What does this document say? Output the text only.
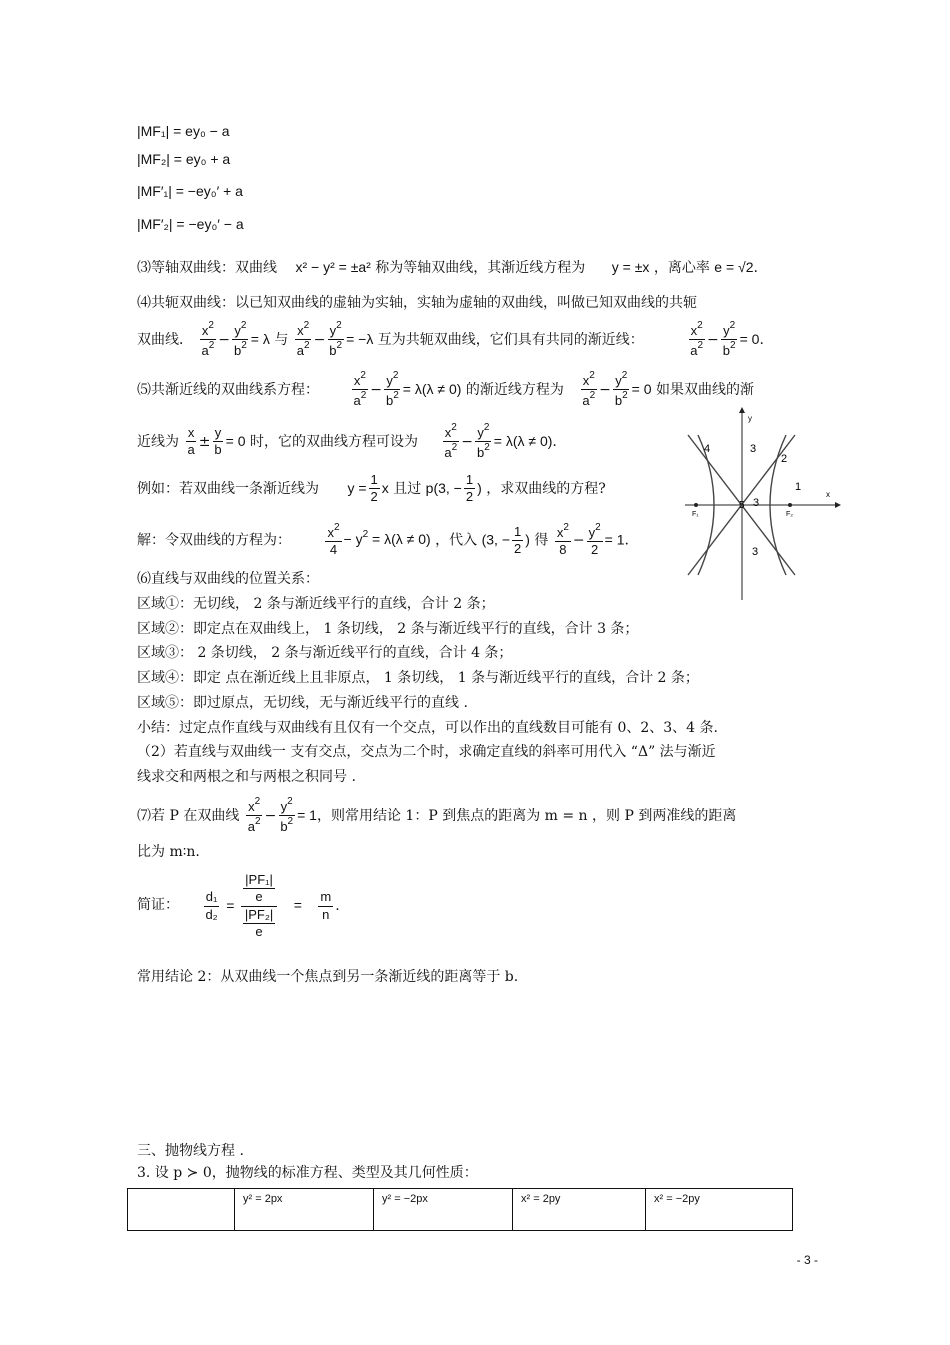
|MF₁| = ey₀ − a
|MF₂| = ey₀ + a
|MF′₁| = −ey₀′ + a
|MF′₂| = −ey₀′ − a
⑶等轴双曲线：双曲线 x² − y² = ±a² 称为等轴双曲线，其渐近线方程为 y = ±x ，离心率 e = √2.
⑷共轭双曲线：以已知双曲线的虚轴为实轴，实轴为虚轴的双曲线，叫做已知双曲线的共轭
双曲线． $\frac{x^2}{a^2} - \frac{y^2}{b^2} = \lambda$ 与 $\frac{x^2}{a^2} - \frac{y^2}{b^2} = -\lambda$ 互为共轭双曲线，它们具有共同的渐近线：	$\frac{x^2}{a^2} - \frac{y^2}{b^2} = 0$.
⑸共渐近线的双曲线系方程： $\frac{x^2}{a^2} - \frac{y^2}{b^2} = \lambda(\lambda \ne 0)$ 的渐近线方程为 $\frac{x^2}{a^2} - \frac{y^2}{b^2} = 0$ 如果双曲线的渐
近线为 $\frac{x}{a} \pm \frac{y}{b} = 0$ 时，它的双曲线方程可设为 $\frac{x^2}{a^2} - \frac{y^2}{b^2} = \lambda(\lambda \ne 0)$.
例如：若双曲线一条渐近线为 $y = \frac{1}{2}$ x 且过 p(3, − $\frac{1}{2}$ ) ，求双曲线的方程?
解：令双曲线的方程为：	$\frac{x^2}{4} - y^2 = \lambda(\lambda \ne 0)$ ，代入 (3, − $\frac{1}{2}$ ) 得 $\frac{x^2}{8} - \frac{y^2}{2} = 1$.
⑹直线与双曲线的位置关系：
区域①：无切线， 2 条与渐近线平行的直线，合计 2 条；
区域②：即定点在双曲线上， 1 条切线， 2 条与渐近线平行的直线，合计 3 条；
区域③： 2 条切线， 2 条与渐近线平行的直线，合计 4 条；
区域④：即定 点在渐近线上且非原点， 1 条切线， 1 条与渐近线平行的直线，合计 2 条；
区域⑤：即过原点，无切线，无与渐近线平行的直线 .
小结：过定点作直线与双曲线有且仅有一个交点，可以作出的直线数目可能有 0、2、3、4 条.
（2）若直线与双曲线一 支有交点，交点为二个时，求确定直线的斜率可用代入 “Δ” 法与渐近
线求交和两根之和与两根之积同号 .
⑺若 P 在双曲线 $\frac{x^2}{a^2} - \frac{y^2}{b^2} = 1$，则常用结论 1：P 到焦点的距离为 m = n ，则 P 到两准线的距离
比为 m∶n.
简证： $\frac{\text{d₁}}{\text{d₂}} = \frac{\frac{\text{|PF₁|}}{e}}{\frac{\text{|PF₂|}}{e}} = \frac{m}{n}$ .
常用结论 2：从双曲线一个焦点到另一条渐近线的距离等于 b.
三、抛物线方程 .
3. 设 p ≻ 0，抛物线的标准方程、类型及其几何性质：
	y² = 2px	y² = −2px	x² = 2py	x² = −2py
F₁	F₂
x
y
4	3
2
1
5 3
3
- 3 -
